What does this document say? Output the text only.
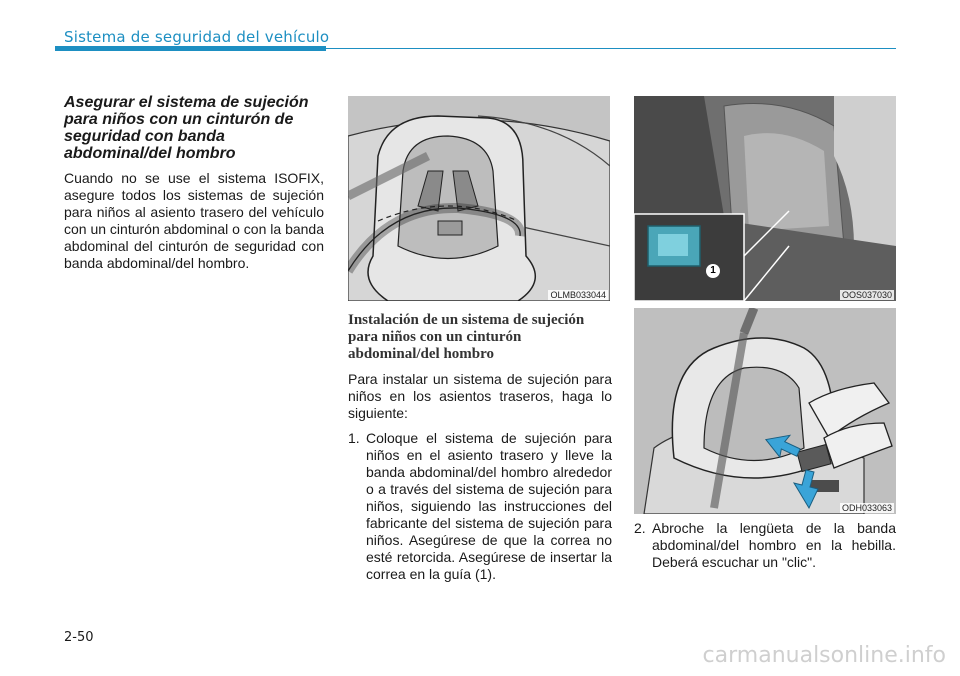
Sistema de seguridad del vehículo

Asegurar el sistema de sujeción para niños con un cinturón de seguridad con banda abdominal/del hombro

Cuando no se use el sistema ISOFIX, asegure todos los sistemas de sujeción para niños al asiento trasero del vehículo con un cinturón abdominal o con la banda abdominal del cinturón de seguridad con banda abdominal/del hombro.

OLMB033044
1
OOS037030

Instalación de un sistema de sujeción para niños con un cinturón abdominal/del hombro

Para instalar un sistema de sujeción para niños en los asientos traseros, haga lo siguiente:

1. Coloque el sistema de sujeción para niños en el asiento trasero y lleve la banda abdominal/del hombro alrededor o a través del sistema de sujeción para niños, siguiendo las instrucciones del fabricante del sistema de sujeción para niños. Asegúrese de que la correa no esté retorcida. Asegúrese de insertar la correa en la guía (1).
ODH033063
2. Abroche la lengüeta de la banda abdominal/del hombro en la hebilla. Deberá escuchar un "clic".
2-50
carmanualsonline.info
